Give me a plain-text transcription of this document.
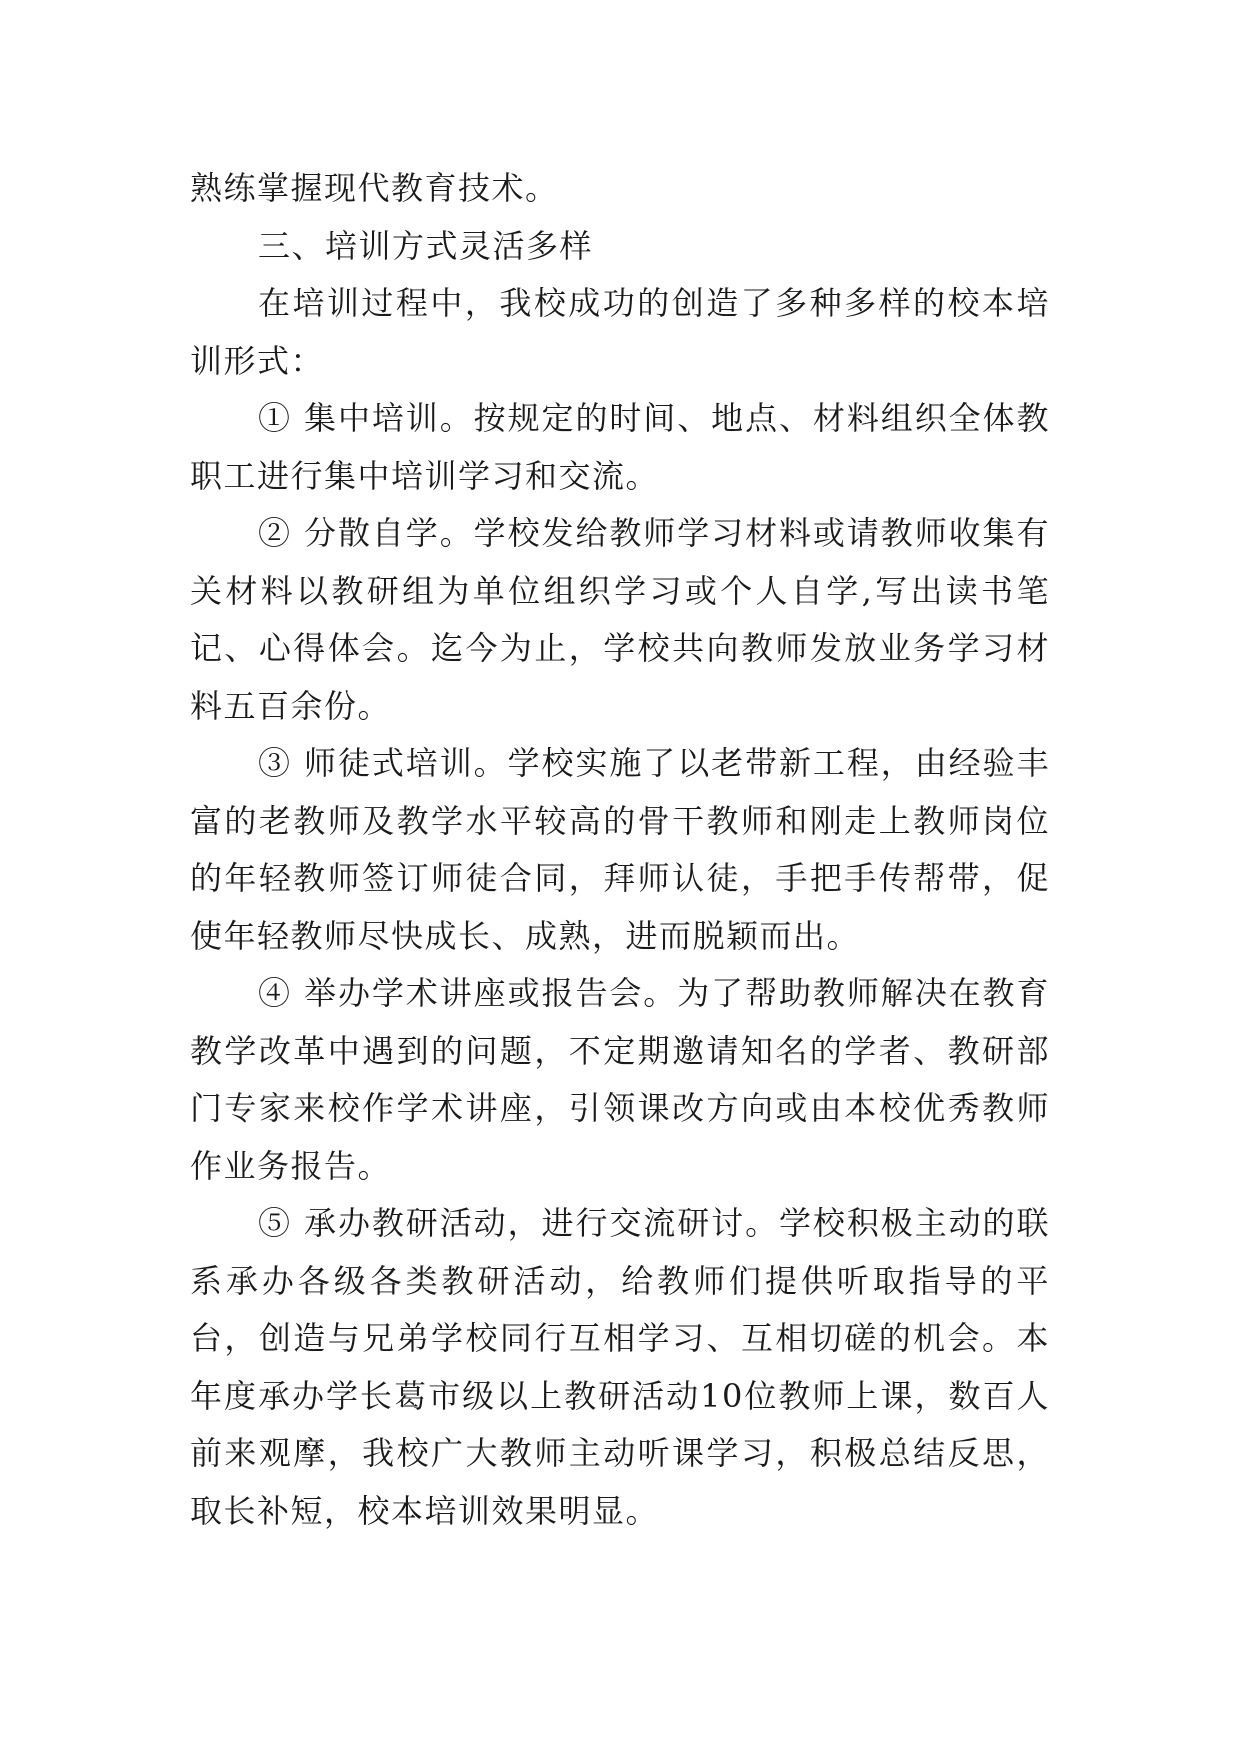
熟练掌握现代教育技术。

三、培训方式灵活多样

在培训过程中，我校成功的创造了多种多样的校本培训形式：

① 集中培训。按规定的时间、地点、材料组织全体教职工进行集中培训学习和交流。

② 分散自学。学校发给教师学习材料或请教师收集有关材料以教研组为单位组织学习或个人自学,写出读书笔记、心得体会。迄今为止，学校共向教师发放业务学习材料五百余份。

③ 师徒式培训。学校实施了以老带新工程，由经验丰富的老教师及教学水平较高的骨干教师和刚走上教师岗位的年轻教师签订师徒合同，拜师认徒，手把手传帮带，促使年轻教师尽快成长、成熟，进而脱颖而出。

④ 举办学术讲座或报告会。为了帮助教师解决在教育教学改革中遇到的问题，不定期邀请知名的学者、教研部门专家来校作学术讲座，引领课改方向或由本校优秀教师作业务报告。

⑤ 承办教研活动，进行交流研讨。学校积极主动的联系承办各级各类教研活动，给教师们提供听取指导的平台，创造与兄弟学校同行互相学习、互相切磋的机会。本年度承办学长葛市级以上教研活动10位教师上课，数百人前来观摩，我校广大教师主动听课学习，积极总结反思，取长补短，校本培训效果明显。
